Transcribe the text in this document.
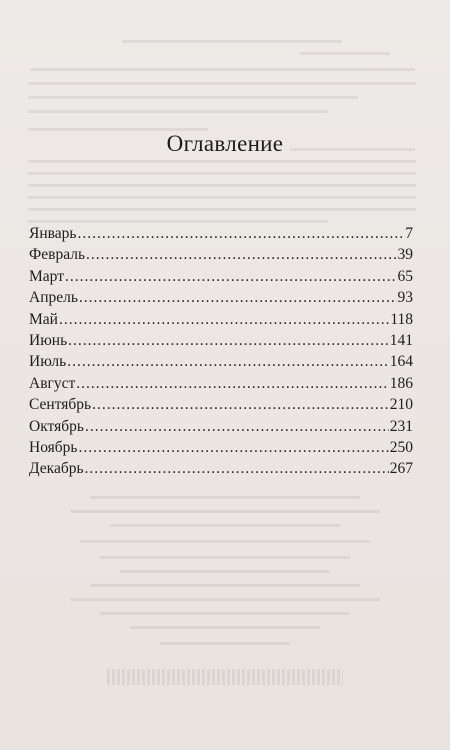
Оглавление
Январь .....	7
Февраль .....	39
Март .....	65
Апрель .....	93
Май .....	118
Июнь .....	141
Июль .....	164
Август .....	186
Сентябрь .....	210
Октябрь .....	231
Ноябрь .....	250
Декабрь .....	267
